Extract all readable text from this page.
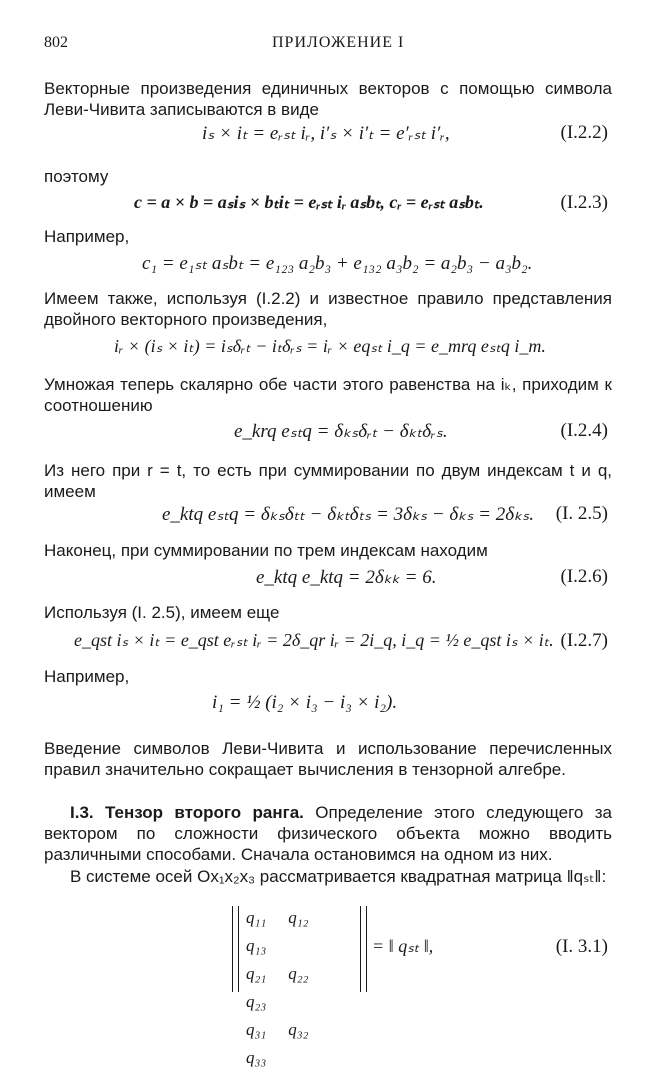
802	ПРИЛОЖЕНИЕ I
Векторные произведения единичных векторов с помощью символа Леви-Чивита записываются в виде
iₛ × iₜ = eᵣₛₜ iᵣ, i′ₛ × i′ₜ = e′ᵣₛₜ i′ᵣ,	(I.2.2)
поэтому
c = a × b = aₛiₛ × bₜiₜ = eᵣₛₜ iᵣ aₛbₜ, cᵣ = eᵣₛₜ aₛbₜ.	(I.2.3)
Например,
c₁ = e₁ₛₜ aₛbₜ = e₁₂₃ a₂b₃ + e₁₃₂ a₃b₂ = a₂b₃ − a₃b₂.
Имеем также, используя (I.2.2) и известное правило представления двойного векторного произведения,
iᵣ × (iₛ × iₜ) = iₛδᵣₜ − iₜδᵣₛ = iᵣ × eqₛₜ i_q = e_mrq eₛₜq i_m.
Умножая теперь скалярно обе части этого равенства на iₖ, приходим к соотношению
e_krq eₛₜq = δₖₛδᵣₜ − δₖₜδᵣₛ.	(I.2.4)
Из него при r = t, то есть при суммировании по двум индексам t и q, имеем
e_ktq eₛₜq = δₖₛδₜₜ − δₖₜδₜₛ = 3δₖₛ − δₖₛ = 2δₖₛ. (I. 2.5)
Наконец, при суммировании по трем индексам находим
e_ktq e_ktq = 2δₖₖ = 6.	(I.2.6)
Используя (I. 2.5), имеем еще
e_qst iₛ × iₜ = e_qst eᵣₛₜ iᵣ = 2δ_qr iᵣ = 2i_q, i_q = ½ e_qst iₛ × iₜ. (I.2.7)
Например,
i₁ = ½ (i₂ × i₃ − i₃ × i₂).
Введение символов Леви-Чивита и использование перечисленных правил значительно сокращает вычисления в тензорной алгебре.
I.3. Тензор второго ранга. Определение этого следующего за вектором по сложности физического объекта можно вводить различными способами. Сначала остановимся на одном из них.
В системе осей Ox₁x₂x₃ рассматривается квадратная матрица ‖qₛₜ‖:
q₁₁ q₁₂ q₁₃
q₂₁ q₂₂ q₂₃
q₃₁ q₃₂ q₃₃
= ‖ qₛₜ ‖,	(I. 3.1)
